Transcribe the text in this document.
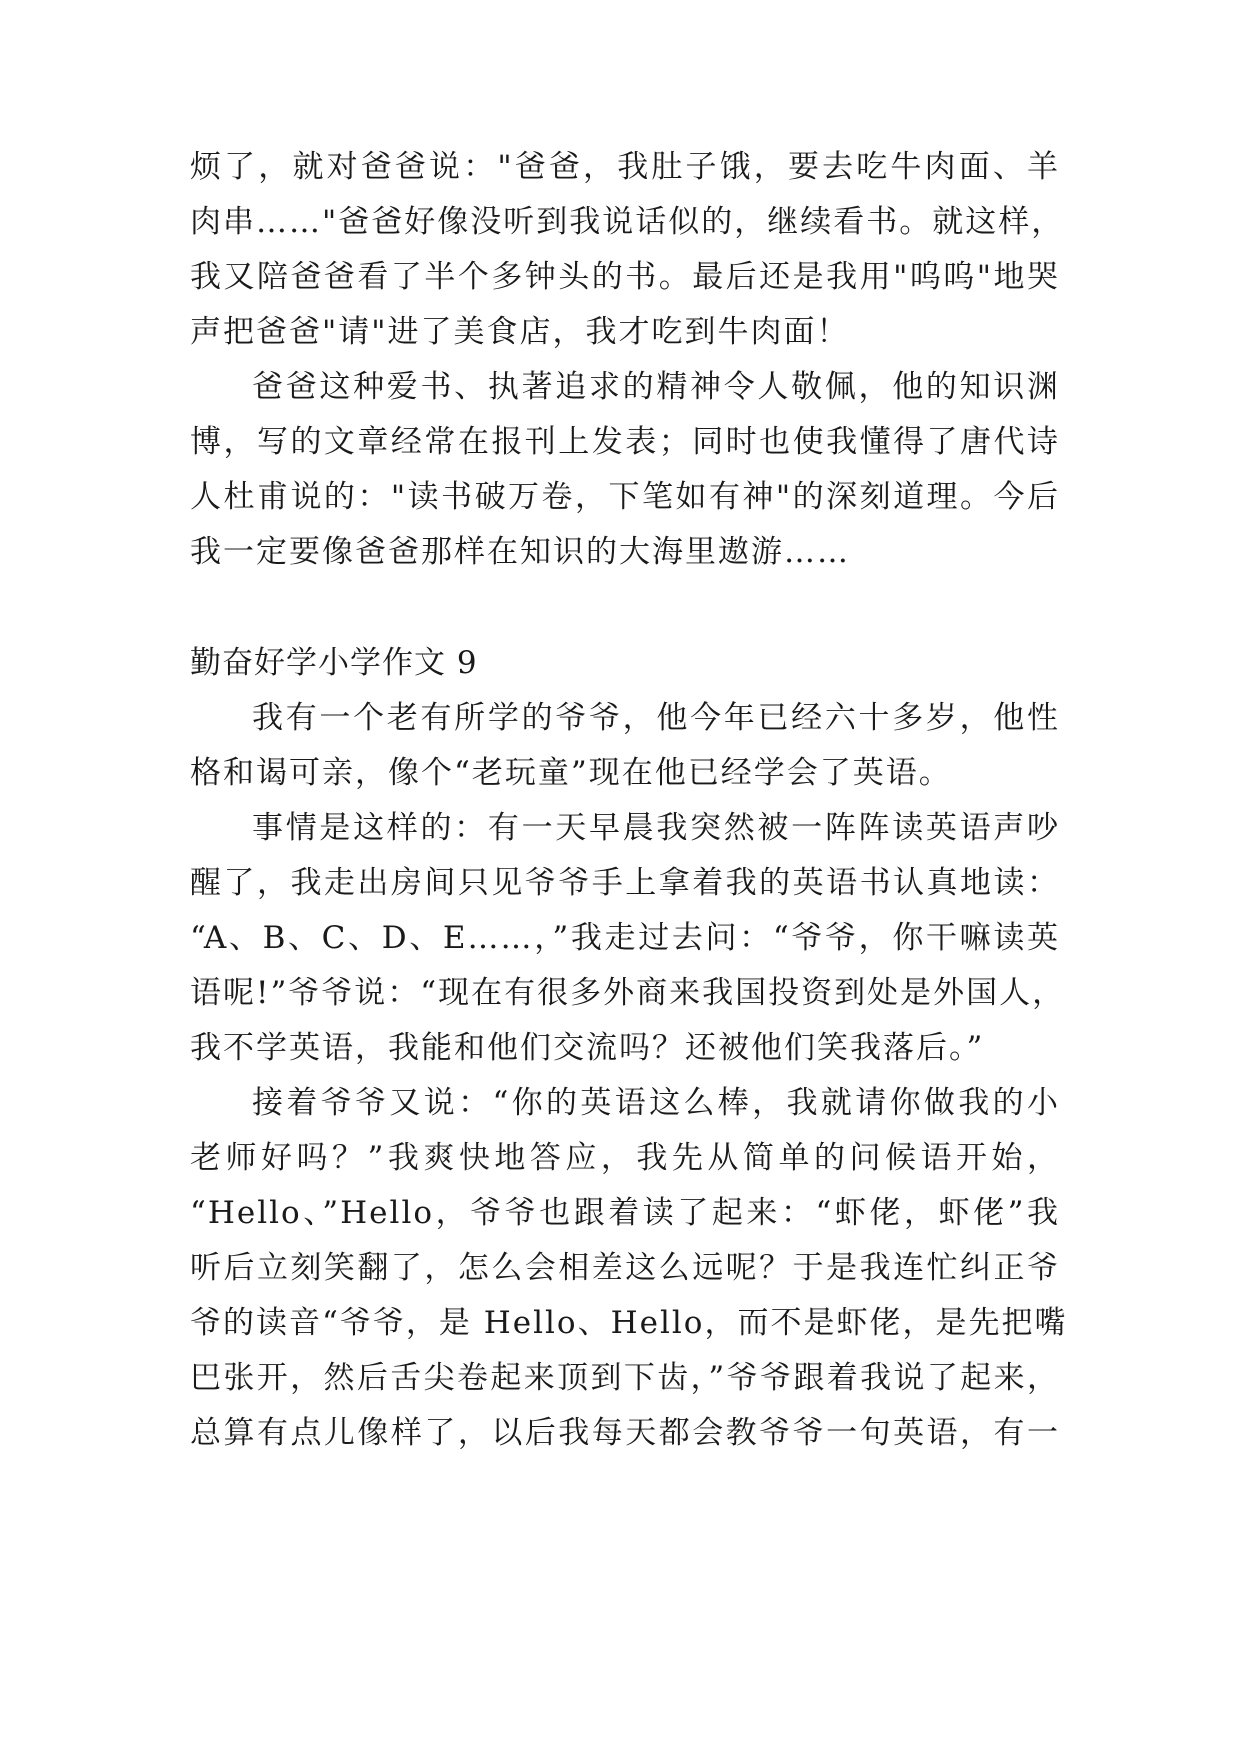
烦了，就对爸爸说："爸爸，我肚子饿，要去吃牛肉面、羊
肉串……"爸爸好像没听到我说话似的，继续看书。就这样，
我又陪爸爸看了半个多钟头的书。最后还是我用"呜呜"地哭
声把爸爸"请"进了美食店，我才吃到牛肉面！
爸爸这种爱书、执著追求的精神令人敬佩，他的知识渊
博，写的文章经常在报刊上发表；同时也使我懂得了唐代诗
人杜甫说的："读书破万卷，下笔如有神"的深刻道理。今后
我一定要像爸爸那样在知识的大海里遨游……
勤奋好学小学作文 9
我有一个老有所学的爷爷，他今年已经六十多岁，他性
格和谒可亲，像个“老玩童”现在他已经学会了英语。
事情是这样的：有一天早晨我突然被一阵阵读英语声吵
醒了，我走出房间只见爷爷手上拿着我的英语书认真地读：
“A、B、C、D、E……，”我走过去问：“爷爷，你干嘛读英
语呢!”爷爷说：“现在有很多外商来我国投资到处是外国人，
我不学英语，我能和他们交流吗？还被他们笑我落后。”
接着爷爷又说：“你的英语这么棒，我就请你做我的小
老师好吗？”我爽快地答应，我先从简单的问候语开始，
“Hello、”Hello，爷爷也跟着读了起来：“虾佬，虾佬”我
听后立刻笑翻了，怎么会相差这么远呢？于是我连忙纠正爷
爷的读音“爷爷，是 Hello、Hello，而不是虾佬，是先把嘴
巴张开，然后舌尖卷起来顶到下齿，”爷爷跟着我说了起来，
总算有点儿像样了，以后我每天都会教爷爷一句英语，有一
